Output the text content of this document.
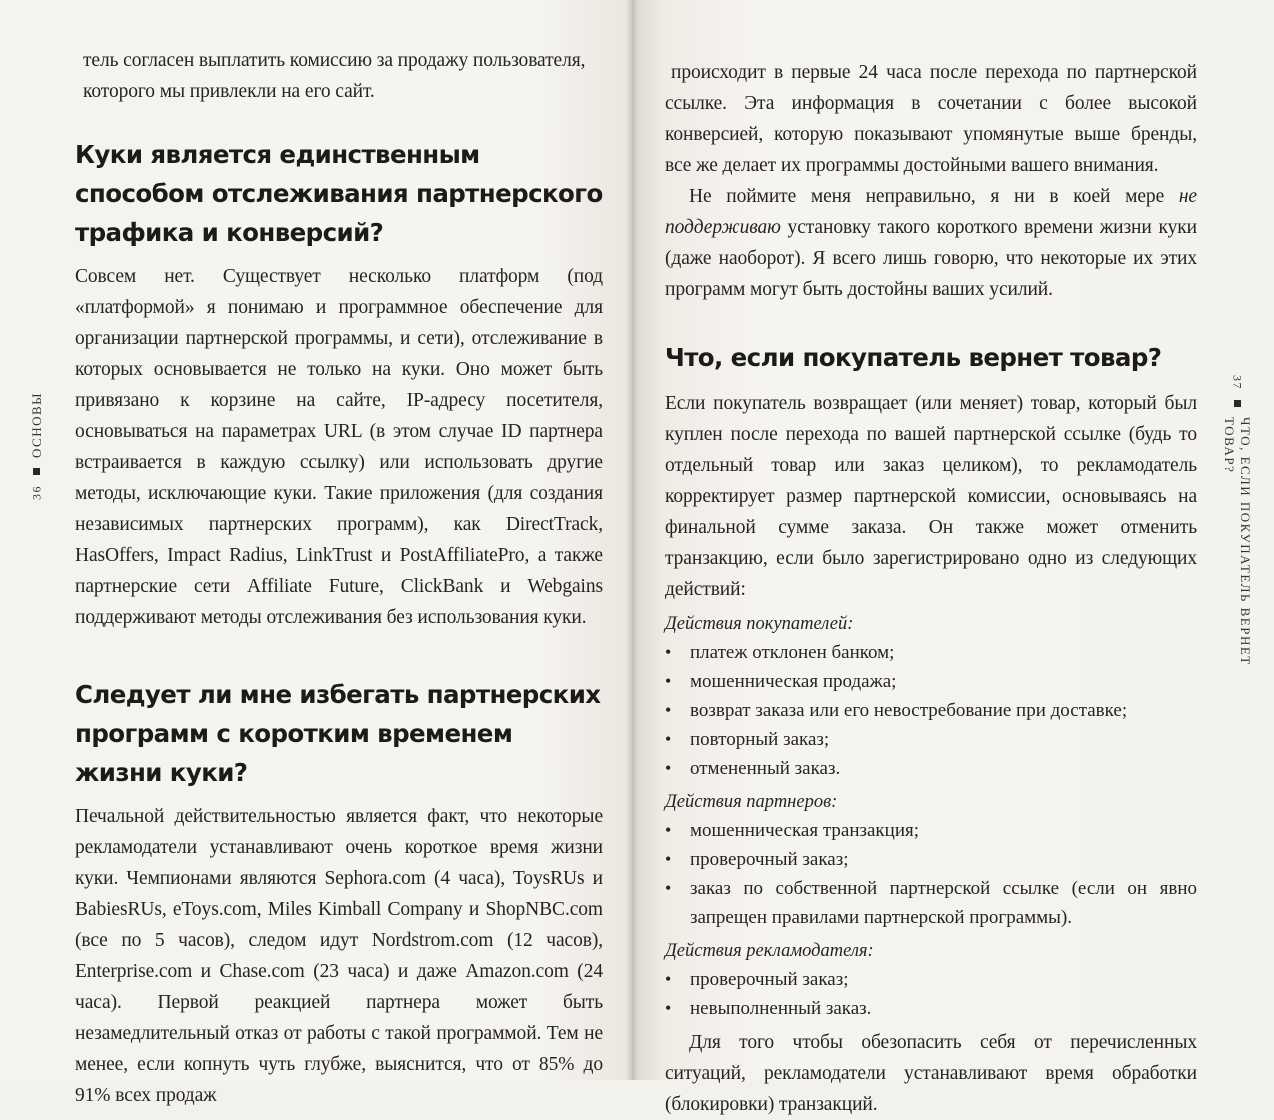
36
ОСНОВЫ
37
ЧТО, ЕСЛИ ПОКУПАТЕЛЬ ВЕРНЕТ ТОВАР?

тель согласен выплатить комиссию за продажу пользователя, которого мы привлекли на его сайт.

Куки является единственным способом отслеживания партнерского трафика и конверсий?

Совсем нет. Существует несколько платформ (под «платформой» я понимаю и программное обеспечение для организации партнерской программы, и сети), отслеживание в которых основывается не только на куки. Оно может быть привязано к корзине на сайте, IP-адресу посетителя, основываться на параметрах URL (в этом случае ID партнера встраивается в каждую ссылку) или использовать другие методы, исключающие куки. Такие приложения (для создания независимых партнерских программ), как DirectTrack, HasOffers, Impact Radius, LinkTrust и PostAffiliatePro, а также партнерские сети Affiliate Future, ClickBank и Webgains поддерживают методы отслеживания без использования куки.

Следует ли мне избегать партнерских программ с коротким временем жизни куки?

Печальной действительностью является факт, что некоторые рекламодатели устанавливают очень короткое время жизни куки. Чемпионами являются Sephora.com (4 часа), ToysRUs и BabiesRUs, eToys.com, Miles Kimball Company и ShopNBC.com (все по 5 часов), следом идут Nordstrom.com (12 часов), Enterprise.com и Chase.com (23 часа) и даже Amazon.com (24 часа). Первой реакцией партнера может быть незамедлительный отказ от работы с такой программой. Тем не менее, если копнуть чуть глубже, выяснится, что от 85% до 91% всех продаж

происходит в первые 24 часа после перехода по партнерской ссылке. Эта информация в сочетании с более высокой конверсией, которую показывают упомянутые выше бренды, все же делает их программы достойными вашего внимания.

Не поймите меня неправильно, я ни в коей мере не поддерживаю установку такого короткого времени жизни куки (даже наоборот). Я всего лишь говорю, что некоторые их этих программ могут быть достойны ваших усилий.

Что, если покупатель вернет товар?

Если покупатель возвращает (или меняет) товар, который был куплен после перехода по вашей партнерской ссылке (будь то отдельный товар или заказ целиком), то рекламодатель корректирует размер партнерской комиссии, основываясь на финальной сумме заказа. Он также может отменить транзакцию, если было зарегистрировано одно из следующих действий:

Действия покупателей:
• платеж отклонен банком;
• мошенническая продажа;
• возврат заказа или его невостребование при доставке;
• повторный заказ;
• отмененный заказ.
Действия партнеров:
• мошенническая транзакция;
• проверочный заказ;
• заказ по собственной партнерской ссылке (если он явно запрещен правилами партнерской программы).
Действия рекламодателя:
• проверочный заказ;
• невыполненный заказ.

Для того чтобы обезопасить себя от перечисленных ситуаций, рекламодатели устанавливают время обработки (блокировки) транзакций.
